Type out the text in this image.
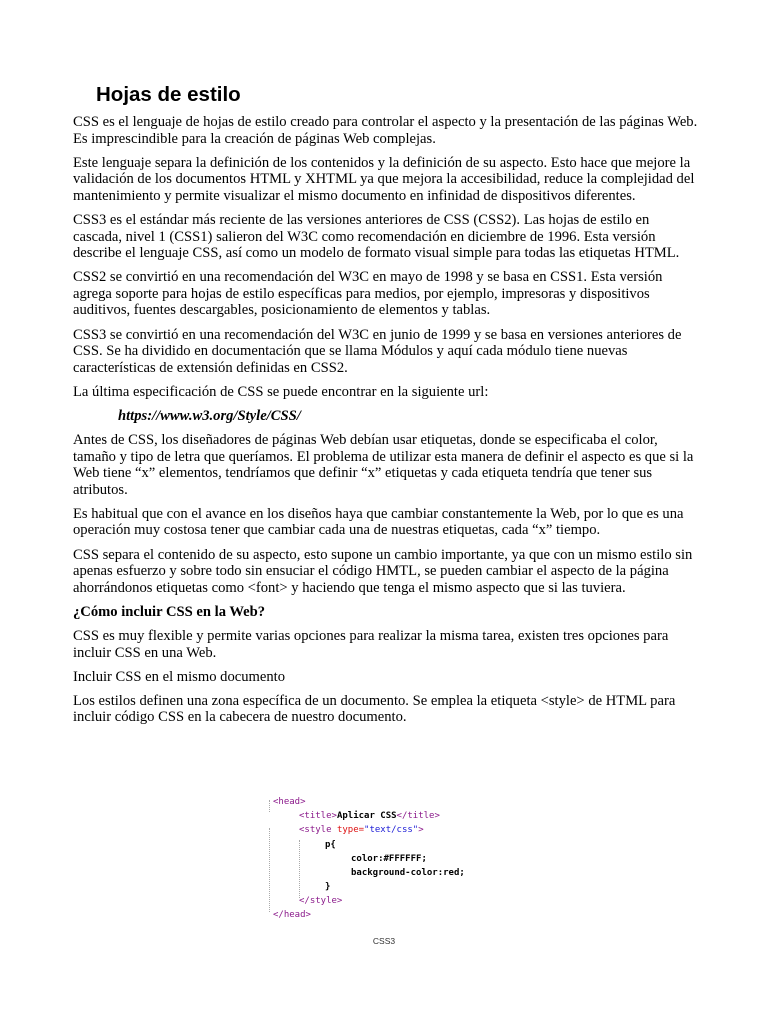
Hojas de estilo

CSS es el lenguaje de hojas de estilo creado para controlar el aspecto y la presentación de las páginas Web. Es imprescindible para la creación de páginas Web complejas.

Este lenguaje separa la definición de los contenidos y la definición de su aspecto. Esto hace que mejore la validación de los documentos HTML y XHTML ya que mejora la accesibilidad, reduce la complejidad del mantenimiento y permite visualizar el mismo documento en infinidad de dispositivos diferentes.

CSS3 es el estándar más reciente de las versiones anteriores de CSS (CSS2). Las hojas de estilo en cascada, nivel 1 (CSS1) salieron del W3C como recomendación en diciembre de 1996. Esta versión describe el lenguaje CSS, así como un modelo de formato visual simple para todas las etiquetas HTML.

CSS2 se convirtió en una recomendación del W3C en mayo de 1998 y se basa en CSS1. Esta versión agrega soporte para hojas de estilo específicas para medios, por ejemplo, impresoras y dispositivos auditivos, fuentes descargables, posicionamiento de elementos y tablas.

CSS3 se convirtió en una recomendación del W3C en junio de 1999 y se basa en versiones anteriores de CSS. Se ha dividido en documentación que se llama Módulos y aquí cada módulo tiene nuevas características de extensión definidas en CSS2.

La última especificación de CSS se puede encontrar en la siguiente url:

https://www.w3.org/Style/CSS/

Antes de CSS, los diseñadores de páginas Web debían usar etiquetas, donde se especificaba el color, tamaño y tipo de letra que queríamos. El problema de utilizar esta manera de definir el aspecto es que si la Web tiene “x” elementos, tendríamos que definir “x” etiquetas y cada etiqueta tendría que tener sus atributos.

Es habitual que con el avance en los diseños haya que cambiar constantemente la Web, por lo que es una operación muy costosa tener que cambiar cada una de nuestras etiquetas, cada “x” tiempo.

CSS separa el contenido de su aspecto, esto supone un cambio importante, ya que con un mismo estilo sin apenas esfuerzo y sobre todo sin ensuciar el código HMTL, se pueden cambiar el aspecto de la página ahorrándonos etiquetas como <font> y haciendo que tenga el mismo aspecto que si las tuviera.

¿Cómo incluir CSS en la Web?

CSS es muy flexible y permite varias opciones para realizar la misma tarea, existen tres opciones para incluir CSS en una Web.

Incluir CSS en el mismo documento

Los estilos definen una zona específica de un documento. Se emplea la etiqueta <style> de HTML para incluir código CSS en la cabecera de nuestro documento.

<head>
<title>Aplicar CSS</title>
<style type="text/css">
p{
color:#FFFFFF;
background-color:red;
}
</style>
</head>
CSS3
